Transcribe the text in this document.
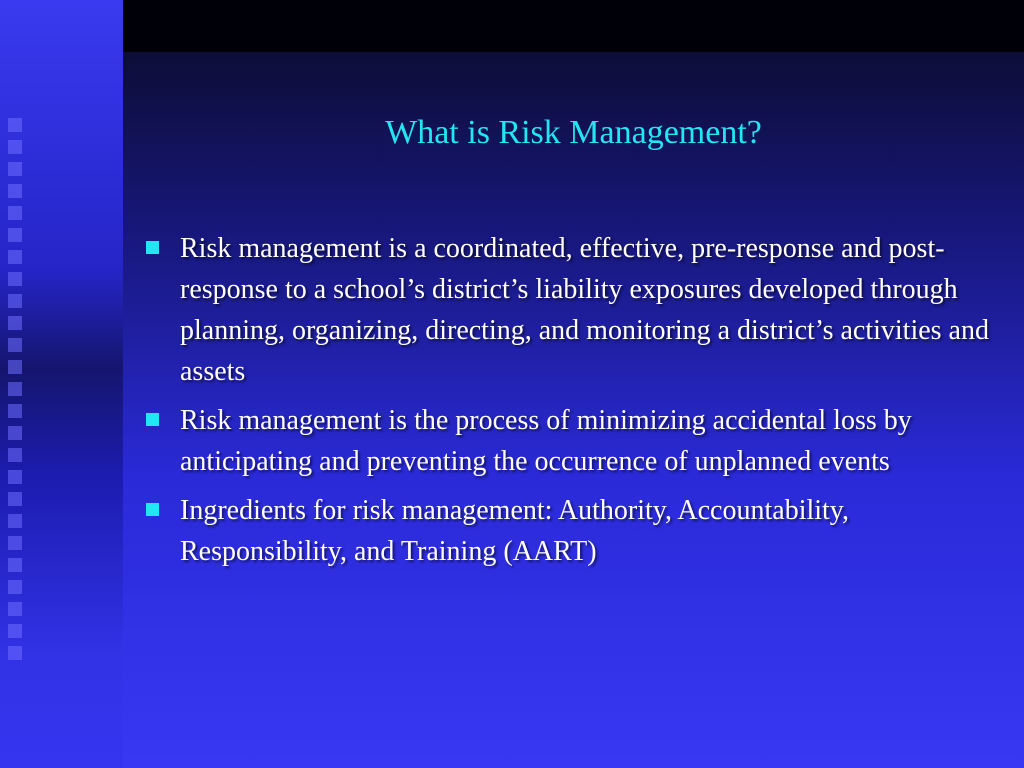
What is Risk Management?
Risk management is a coordinated, effective, pre-response and post-response to a school’s district’s liability exposures developed through planning, organizing, directing, and monitoring a district’s activities and assets
Risk management is the process of minimizing accidental loss by anticipating and preventing the occurrence of unplanned events
Ingredients for risk management: Authority, Accountability, Responsibility, and Training (AART)
